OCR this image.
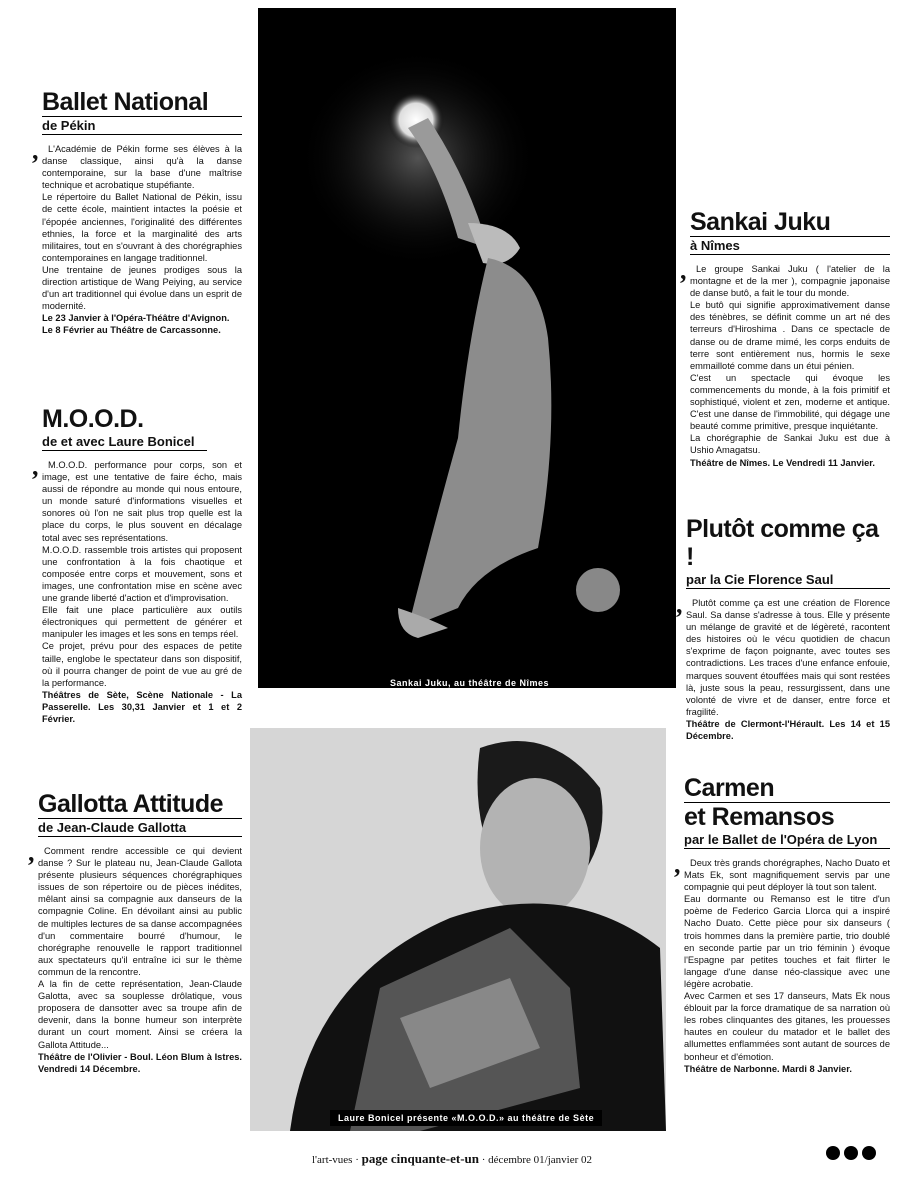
Ballet National
de Pékin
,	L'Académie de Pékin forme ses élèves à la danse classique, ainsi qu'à la danse contemporaine, sur la base d'une maîtrise technique et acrobatique stupéfiante.

Le répertoire du Ballet National de Pékin, issu de cette école, maintient intactes la poésie et l'épopée anciennes, l'originalité des différentes ethnies, la force et la marginalité des arts militaires, tout en s'ouvrant à des chorégraphies contemporaines en langage traditionnel.

Une trentaine de jeunes prodiges sous la direction artistique de Wang Peiying, au service d'un art traditionnel qui évolue dans un esprit de modernité.

Le 23 Janvier à l'Opéra-Théâtre d'Avignon.

Le 8 Février au Théâtre de Carcassonne.

M.O.O.D.
de et avec Laure Bonicel
,	M.O.O.D. performance pour corps, son et image, est une tentative de faire écho, mais aussi de répondre au monde qui nous entoure, un monde saturé d'informations visuelles et sonores où l'on ne sait plus trop quelle est la place du corps, le plus souvent en décalage total avec ses représentations.

M.O.O.D. rassemble trois artistes qui proposent une confrontation à la fois chaotique et composée entre corps et mouvement, sons et images, une confrontation mise en scène avec une grande liberté d'action et d'improvisation.

Elle fait une place particulière aux outils électroniques qui permettent de générer et manipuler les images et les sons en temps réel.

Ce projet, prévu pour des espaces de petite taille, englobe le spectateur dans son dispositif, où il pourra changer de point de vue au gré de la performance.

Théâtres de Sète, Scène Nationale - La Passerelle. Les 30,31 Janvier et 1 et 2 Février.

Gallotta Attitude
de Jean-Claude Gallotta
,	Comment rendre accessible ce qui devient danse ? Sur le plateau nu, Jean-Claude Gallota présente plusieurs séquences chorégraphiques issues de son répertoire ou de pièces inédites, mêlant ainsi sa compagnie aux danseurs de la compagnie Coline. En dévoilant ainsi au public de multiples lectures de sa danse accompagnées d'un commentaire bourré d'humour, le chorégraphe renouvelle le rapport traditionnel aux spectateurs qu'il entraîne ici sur le thème commun de la rencontre.

A la fin de cette représentation, Jean-Claude Galotta, avec sa souplesse drôlatique, vous proposera de dansotter avec sa troupe afin de devenir, dans la bonne humeur son interprète durant un court moment. Ainsi se créera la Gallota Attitude...

Théâtre de l'Olivier - Boul. Léon Blum à Istres. Vendredi 14 Décembre.

Sankai Juku, au théâtre de Nîmes
Laure Bonicel présente «M.O.O.D.» au théâtre de Sète
Sankai Juku
à Nîmes
,	Le groupe Sankai Juku ( l'atelier de la montagne et de la mer ), compagnie japonaise de danse butô, a fait le tour du monde.

Le butô qui signifie approximativement danse des ténèbres, se définit comme un art né des terreurs d'Hiroshima . Dans ce spectacle de danse ou de drame mimé, les corps enduits de terre sont entièrement nus, hormis le sexe emmailloté comme dans un étui pénien.

C'est un spectacle qui évoque les commencements du monde, à la fois primitif et sophistiqué, violent et zen, moderne et antique. C'est une danse de l'immobilité, qui dégage une beauté comme primitive, presque inquiétante.

La chorégraphie de Sankai Juku est due à Ushio Amagatsu.

Théâtre de Nîmes. Le Vendredi 11 Janvier.

Plutôt comme ça !
par la Cie Florence Saul
,	Plutôt comme ça est une création de Florence Saul. Sa danse s'adresse à tous. Elle y présente un mélange de gravité et de légèreté, racontent des histoires où le vécu quotidien de chacun s'exprime de façon poignante, avec toutes ses contradictions. Les traces d'une enfance enfouie, marques souvent étouffées mais qui sont restées là, juste sous la peau, ressurgissent, dans une volonté de vivre et de danser, entre force et fragilité.

Théâtre de Clermont-l'Hérault. Les 14 et 15 Décembre.

Carmen
et Remansos
par le Ballet de l'Opéra de Lyon
,	Deux très grands chorégraphes, Nacho Duato et Mats Ek, sont magnifiquement servis par une compagnie qui peut déployer là tout son talent.

Eau dormante ou Remanso est le titre d'un poème de Federico Garcia Llorca qui a inspiré Nacho Duato. Cette pièce pour six danseurs ( trois hommes dans la première partie, trio doublé en seconde partie par un trio féminin ) évoque l'Espagne par petites touches et fait flirter le langage d'une danse néo-classique avec une légère acrobatie.

Avec Carmen et ses 17 danseurs, Mats Ek nous éblouit par la force dramatique de sa narration où les robes clinquantes des gitanes, les prouesses hautes en couleur du matador et le ballet des allumettes enflammées sont autant de sources de bonheur et d'émotion.

Théâtre de Narbonne. Mardi 8 Janvier.

l'art-vues · page cinquante-et-un · décembre 01/janvier 02
